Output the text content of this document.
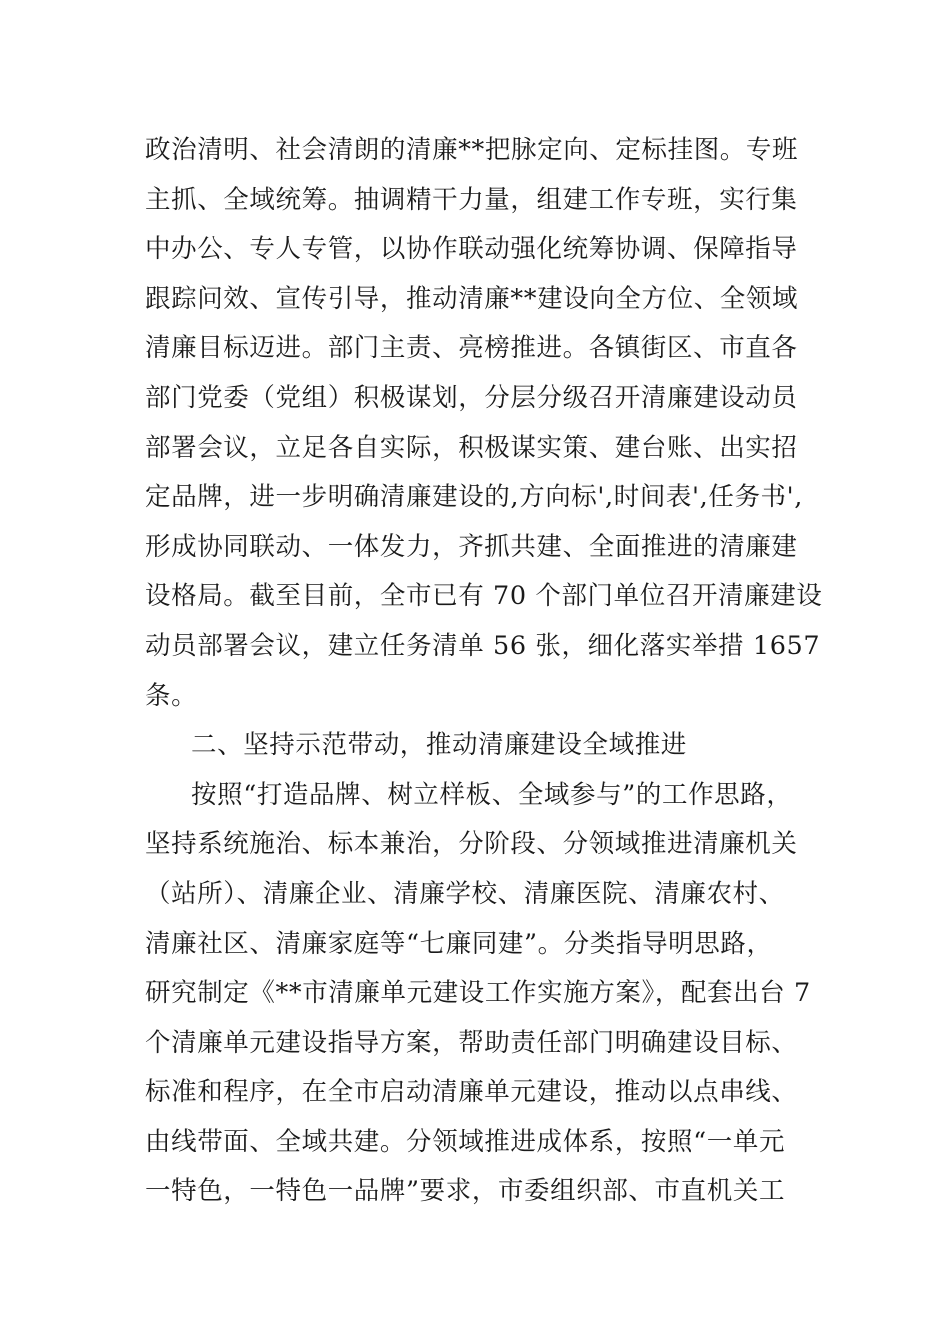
政治清明、社会清朗的清廉**把脉定向、定标挂图。专班
主抓、全域统筹。抽调精干力量，组建工作专班，实行集
中办公、专人专管，以协作联动强化统筹协调、保障指导
跟踪问效、宣传引导，推动清廉**建设向全方位、全领域
清廉目标迈进。部门主责、亮榜推进。各镇街区、市直各
部门党委（党组）积极谋划，分层分级召开清廉建设动员
部署会议，立足各自实际，积极谋实策、建台账、出实招
定品牌，进一步明确清廉建设的,方向标',时间表',任务书',
形成协同联动、一体发力，齐抓共建、全面推进的清廉建
设格局。截至目前，全市已有 70 个部门单位召开清廉建设
动员部署会议，建立任务清单 56 张，细化落实举措 1657
条。
二、坚持示范带动，推动清廉建设全域推进
按照“打造品牌、树立样板、全域参与”的工作思路，
坚持系统施治、标本兼治，分阶段、分领域推进清廉机关
（站所）、清廉企业、清廉学校、清廉医院、清廉农村、
清廉社区、清廉家庭等“七廉同建”。分类指导明思路，
研究制定《**市清廉单元建设工作实施方案》，配套出台 7
个清廉单元建设指导方案，帮助责任部门明确建设目标、
标准和程序，在全市启动清廉单元建设，推动以点串线、
由线带面、全域共建。分领域推进成体系，按照“一单元
一特色，一特色一品牌”要求，市委组织部、市直机关工
